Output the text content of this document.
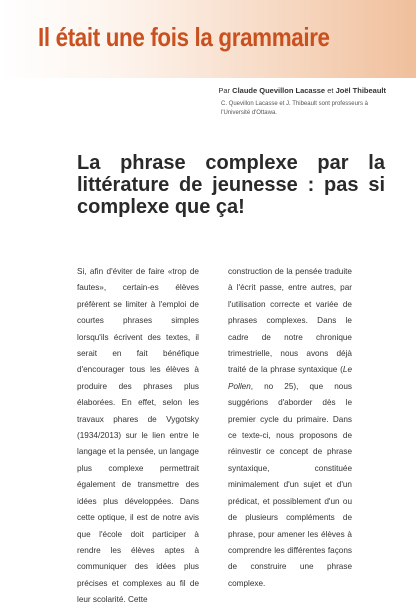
Il était une fois la grammaire
Par Claude Quevillon Lacasse et Joël Thibeault
C. Quevillon Lacasse et J. Thibeault sont professeurs à l'Université d'Ottawa.
La phrase complexe par la littérature de jeunesse : pas si complexe que ça!

Si, afin d'éviter de faire «trop de fautes», certain-es élèves préfèrent se limiter à l'emploi de courtes phrases simples lorsqu'ils écrivent des textes, il serait en fait bénéfique d'encourager tous les élèves à produire des phrases plus élaborées. En effet, selon les travaux phares de Vygotsky (1934/2013) sur le lien entre le langage et la pensée, un langage plus complexe permettrait également de transmettre des idées plus développées. Dans cette optique, il est de notre avis que l'école doit participer à rendre les élèves aptes à communiquer des idées plus précises et complexes au fil de leur scolarité. Cette

construction de la pensée traduite à l'écrit passe, entre autres, par l'utilisation correcte et variée de phrases complexes. Dans le cadre de notre chronique trimestrielle, nous avons déjà traité de la phrase syntaxique (Le Pollen, no 25), que nous suggérions d'aborder dès le premier cycle du primaire. Dans ce texte-ci, nous proposons de réinvestir ce concept de phrase syntaxique, constituée minimalement d'un sujet et d'un prédicat, et possiblement d'un ou de plusieurs compléments de phrase, pour amener les élèves à comprendre les différentes façons de construire une phrase complexe.
